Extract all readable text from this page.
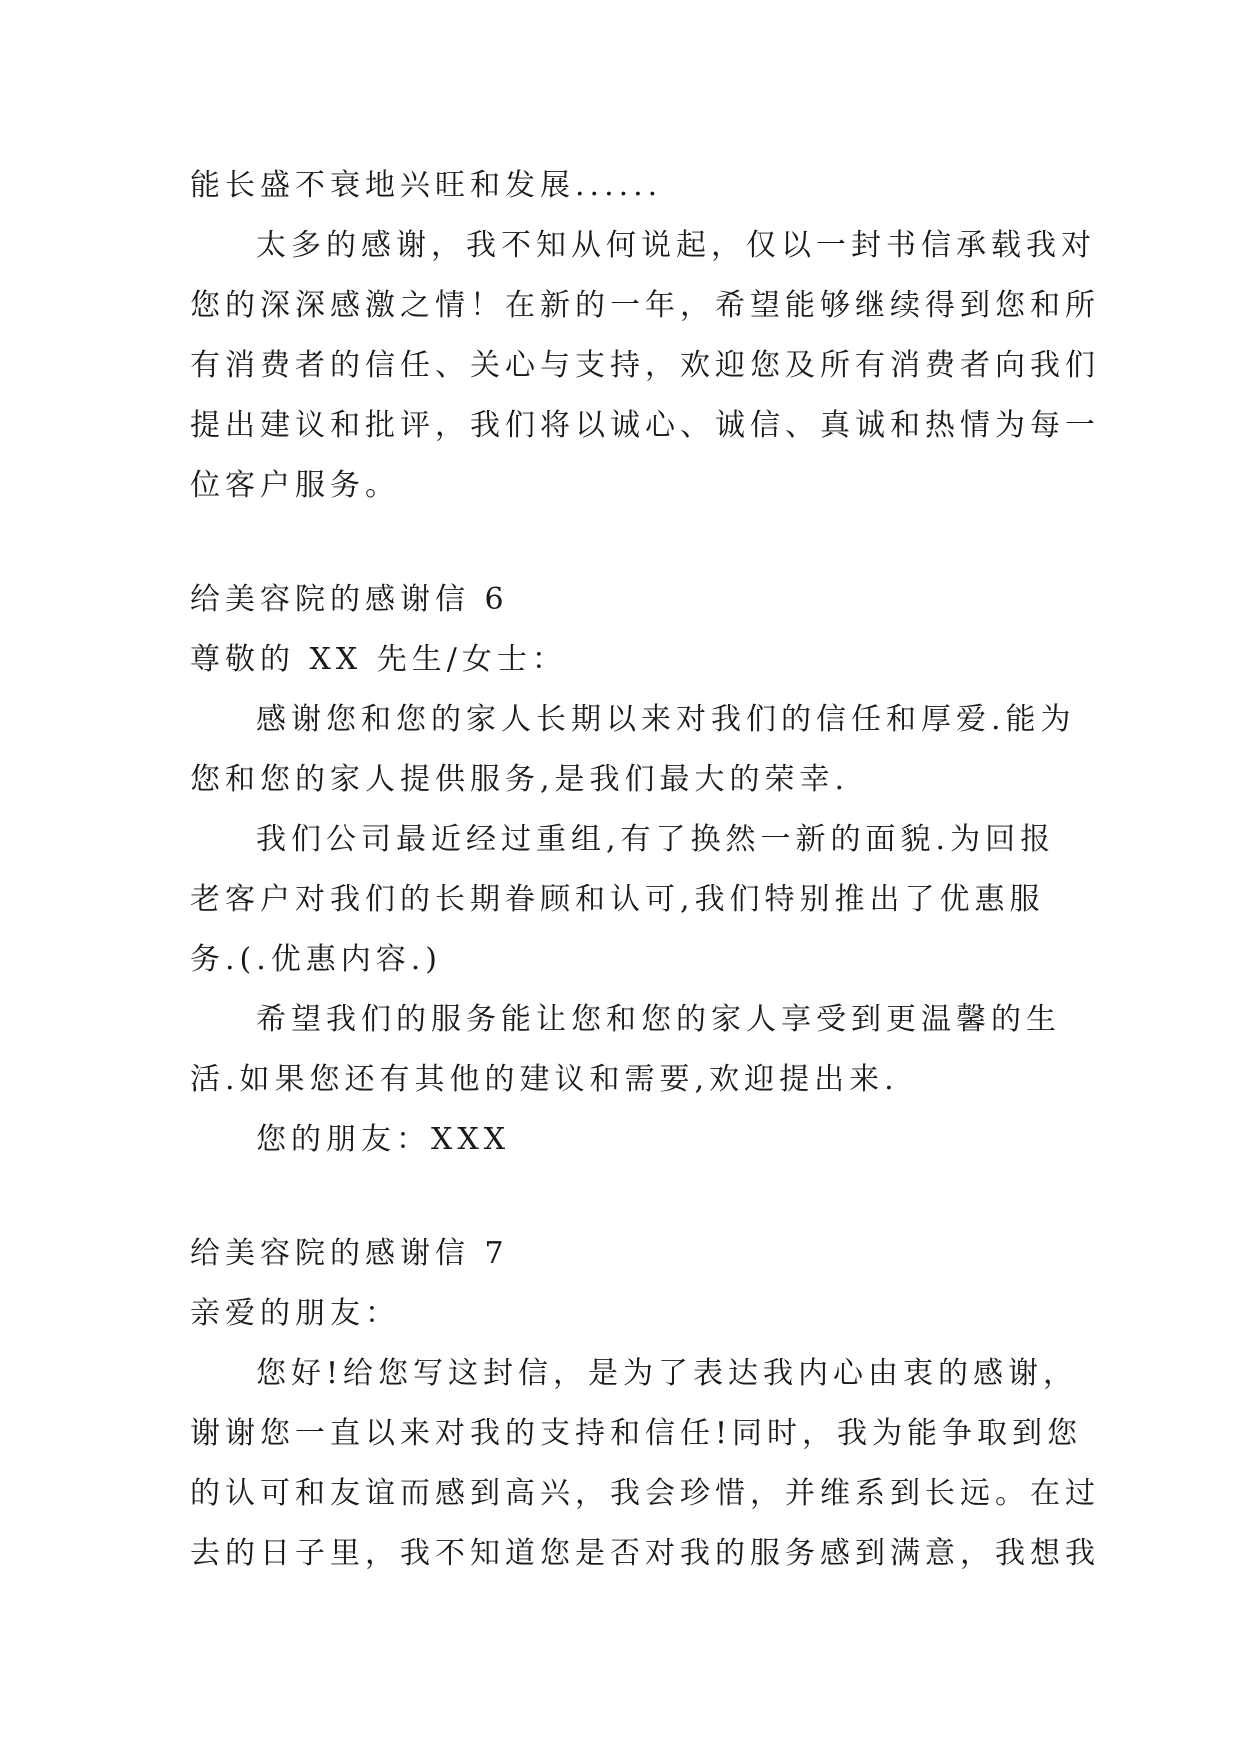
能长盛不衰地兴旺和发展......
太多的感谢，我不知从何说起，仅以一封书信承载我对
您的深深感激之情！在新的一年，希望能够继续得到您和所
有消费者的信任、关心与支持，欢迎您及所有消费者向我们
提出建议和批评，我们将以诚心、诚信、真诚和热情为每一
位客户服务。
给美容院的感谢信 6
尊敬的 XX 先生/女士：
感谢您和您的家人长期以来对我们的信任和厚爱.能为
您和您的家人提供服务,是我们最大的荣幸.
我们公司最近经过重组,有了换然一新的面貌.为回报
老客户对我们的长期眷顾和认可,我们特别推出了优惠服
务.(.优惠内容.)
希望我们的服务能让您和您的家人享受到更温馨的生
活.如果您还有其他的建议和需要,欢迎提出来.
您的朋友：XXX
给美容院的感谢信 7
亲爱的朋友：
您好!给您写这封信，是为了表达我内心由衷的感谢，
谢谢您一直以来对我的支持和信任!同时，我为能争取到您
的认可和友谊而感到高兴，我会珍惜，并维系到长远。在过
去的日子里，我不知道您是否对我的服务感到满意，我想我
